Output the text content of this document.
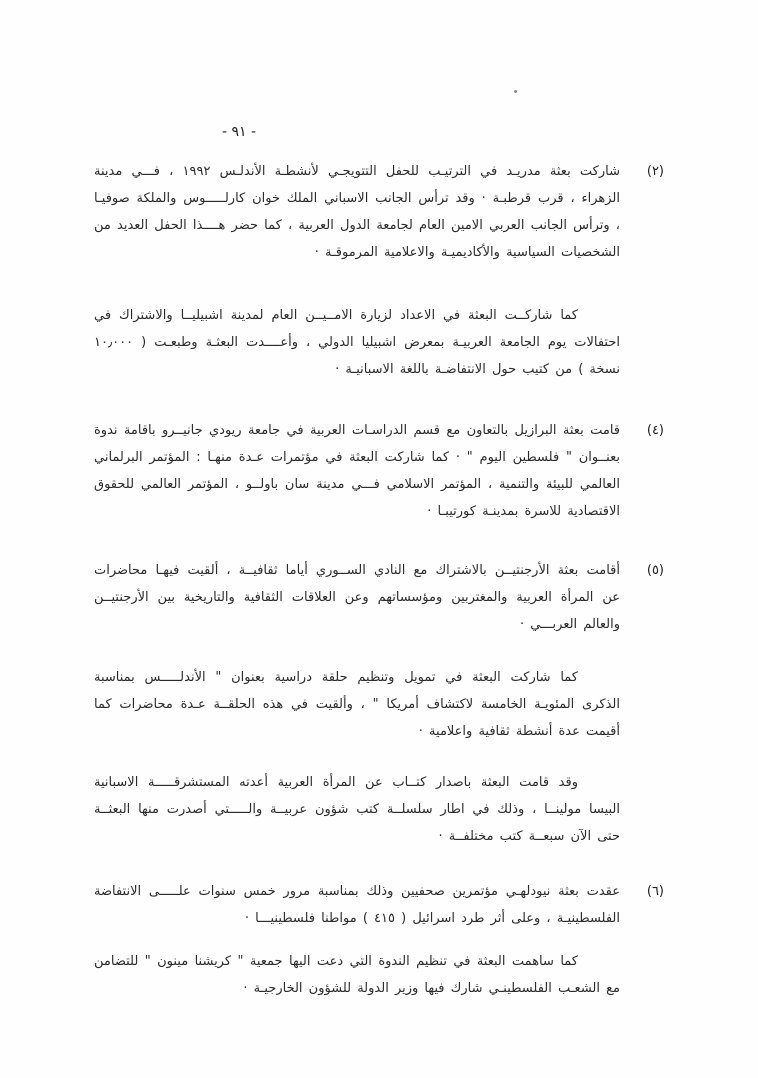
- ٩١ -
(٢)
شاركت بعثة مدريـد في الترتيـب للحفل التتويجـي لأنشطـة الأندلـس ١٩٩٢ ، فـــي مدينة الزهراء ، قرب قرطبـة · وقد ترأس الجانب الاسباني الملك خوان كارلـــــوس والملكة صوفيـا ، وترأس الجانب العربي الامين العام لجامعة الدول العربية ، كما حضر هــــذا الحفل العديد من الشخصيات السياسية والأكاديميـة والاعلامية المرموقـة ·
كما شاركــت البعثة في الاعداد لزيارة الامــيــن العام لمدينة اشبيليــا والاشتراك في احتفالات يوم الجامعة العربيـة بمعرض اشبيليا الدولي ، وأعــــدت البعثـة وطبعـت ( ١٠٫٠٠٠ نسخة ) من كتيب حول الانتفاضـة باللغة الاسبانيـة ·
(٤)
قامت بعثة البرازيل بالتعاون مع قسم الدراسـات العربية في جامعة ريودي جانيــرو باقامة ندوة بعنــوان " فلسطين اليوم " · كما شاركت البعثة في مؤتمرات عـدة منهـا : المؤتمر البرلماني العالمي للبيئة والتنمية ، المؤتمر الاسلامي فـــي مدينة سان باولــو ، المؤتمر العالمي للحقوق الاقتصادية للاسرة بمدينـة كورتيبـا ·
(٥)
أقامت بعثة الأرجنتيــن بالاشتراك مع النادي الســوري أياما ثقافيــة ، ألقيت فيهـا محاضرات عن المرأة العربية والمغتربين ومؤسساتهم وعن العلاقات الثقافية والتاريخية بين الأرجنتيــن والعالم العربـــي ·
كما شاركت البعثة في تمويل وتنظيم حلقة دراسية بعنوان " الأندلـــــس بمناسبة الذكرى المئويـة الخامسة لاكتشاف أمريكا " ، وألقيت في هذه الحلقــة عـدة محاضرات كما أقيمت عدة أنشطة ثقافية واعلامية ·
وقد قامت البعثة باصدار كتــاب عن المرأة العربية أعدته المستشرقـــــة الاسبانية البيسا مولينــا ، وذلك في اطار سلسلــة كتب شؤون عربيــة والـــــتي أصدرت منها البعثــة حتى الآن سبعــة كتب مختلفــة ·
(٦)
عقدت بعثة نيودلهـي مؤتمرين صحفيين وذلك بمناسبة مرور خمس سنوات علـــــى الانتفاضة الفلسطينيـة ، وعلى أثر طرد اسرائيل ( ٤١٥ ) مواطنا فلسطينيـــا ·
كما ساهمت البعثة في تنظيم الندوة التي دعت اليها جمعية " كريشنا مينون " للتضامن مع الشعـب الفلسطينـي شارك فيها وزير الدولة للشؤون الخارجيـة ·
